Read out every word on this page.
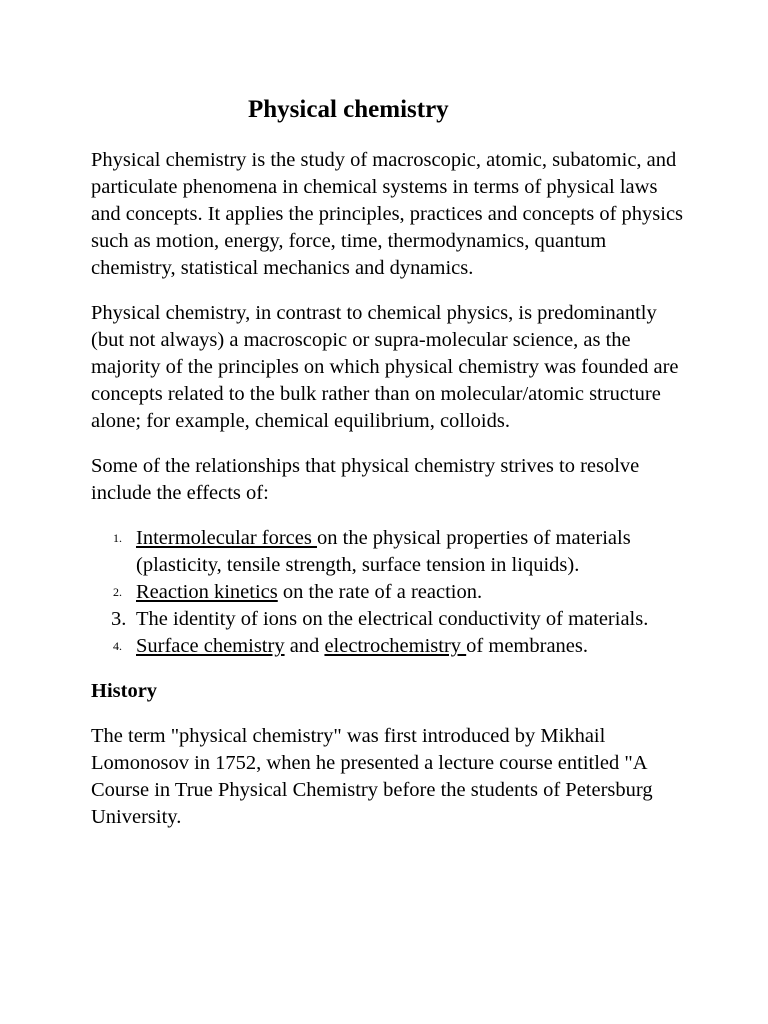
Physical chemistry

Physical chemistry is the study of macroscopic, atomic, subatomic, and particulate phenomena in chemical systems in terms of physical laws and concepts. It applies the principles, practices and concepts of physics such as motion, energy, force, time, thermodynamics, quantum chemistry, statistical mechanics and dynamics.

Physical chemistry, in contrast to chemical physics, is predominantly (but not always) a macroscopic or supra-molecular science, as the majority of the principles on which physical chemistry was founded are concepts related to the bulk rather than on molecular/atomic structure alone; for example, chemical equilibrium, colloids.

Some of the relationships that physical chemistry strives to resolve include the effects of:

1. Intermolecular forces on the physical properties of materials (plasticity, tensile strength, surface tension in liquids).
2. Reaction kinetics on the rate of a reaction.
3. The identity of ions on the electrical conductivity of materials.
4. Surface chemistry and electrochemistry of membranes.
History

The term "physical chemistry" was first introduced by Mikhail Lomonosov in 1752, when he presented a lecture course entitled "A Course in True Physical Chemistry before the students of Petersburg University.
